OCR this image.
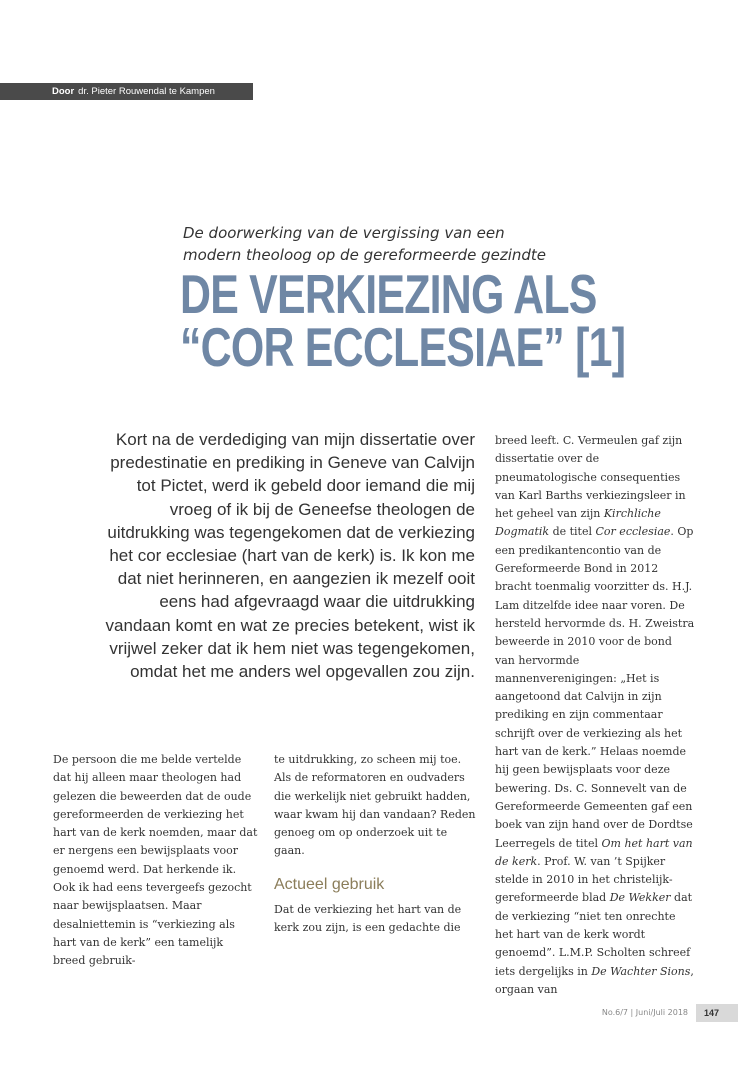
Door dr. Pieter Rouwendal te Kampen
De doorwerking van de vergissing van een
modern theoloog op de gereformeerde gezindte
DE VERKIEZING ALS
“COR ECCLESIAE” [1]
Kort na de verdediging van mijn dissertatie over predestinatie en prediking in Geneve van Calvijn tot Pictet, werd ik gebeld door iemand die mij vroeg of ik bij de Geneefse theologen de uitdrukking was tegengekomen dat de verkiezing het cor ecclesiae (hart van de kerk) is. Ik kon me dat niet herinneren, en aangezien ik mezelf ooit eens had afgevraagd waar die uitdrukking vandaan komt en wat ze precies betekent, wist ik vrijwel zeker dat ik hem niet was tegengekomen, omdat het me anders wel opgevallen zou zijn.

De persoon die me belde vertelde dat hij alleen maar theologen had gelezen die beweerden dat de oude gereformeerden de verkiezing het hart van de kerk noemden, maar dat er nergens een bewijsplaats voor genoemd werd. Dat herkende ik. Ook ik had eens tevergeefs gezocht naar bewijsplaatsen. Maar desalniettemin is “verkiezing als hart van de kerk” een tamelijk breed gebruik-

te uitdrukking, zo scheen mij toe. Als de reformatoren en oudvaders die werkelijk niet gebruikt hadden, waar kwam hij dan vandaan? Reden genoeg om op onderzoek uit te gaan.

Actueel gebruik

Dat de verkiezing het hart van de kerk zou zijn, is een gedachte die

breed leeft. C. Vermeulen gaf zijn dissertatie over de pneumatologische consequenties van Karl Barths verkiezingsleer in het geheel van zijn Kirchliche Dogmatik de titel Cor ecclesiae. Op een predikantencontio van de Gereformeerde Bond in 2012 bracht toenmalig voorzitter ds. H.J. Lam ditzelfde idee naar voren. De hersteld hervormde ds. H. Zweistra beweerde in 2010 voor de bond van hervormde mannenverenigingen: „Het is aangetoond dat Calvijn in zijn prediking en zijn commentaar schrijft over de verkiezing als het hart van de kerk.” Helaas noemde hij geen bewijsplaats voor deze bewering. Ds. C. Sonnevelt van de Gereformeerde Gemeenten gaf een boek van zijn hand over de Dordtse Leerregels de titel Om het hart van de kerk. Prof. W. van ’t Spijker stelde in 2010 in het christelijk-gereformeerde blad De Wekker dat de verkiezing “niet ten onrechte het hart van de kerk wordt genoemd”. L.M.P. Scholten schreef iets dergelijks in De Wachter Sions, orgaan van

No.6/7 | Juni/Juli 2018	147
